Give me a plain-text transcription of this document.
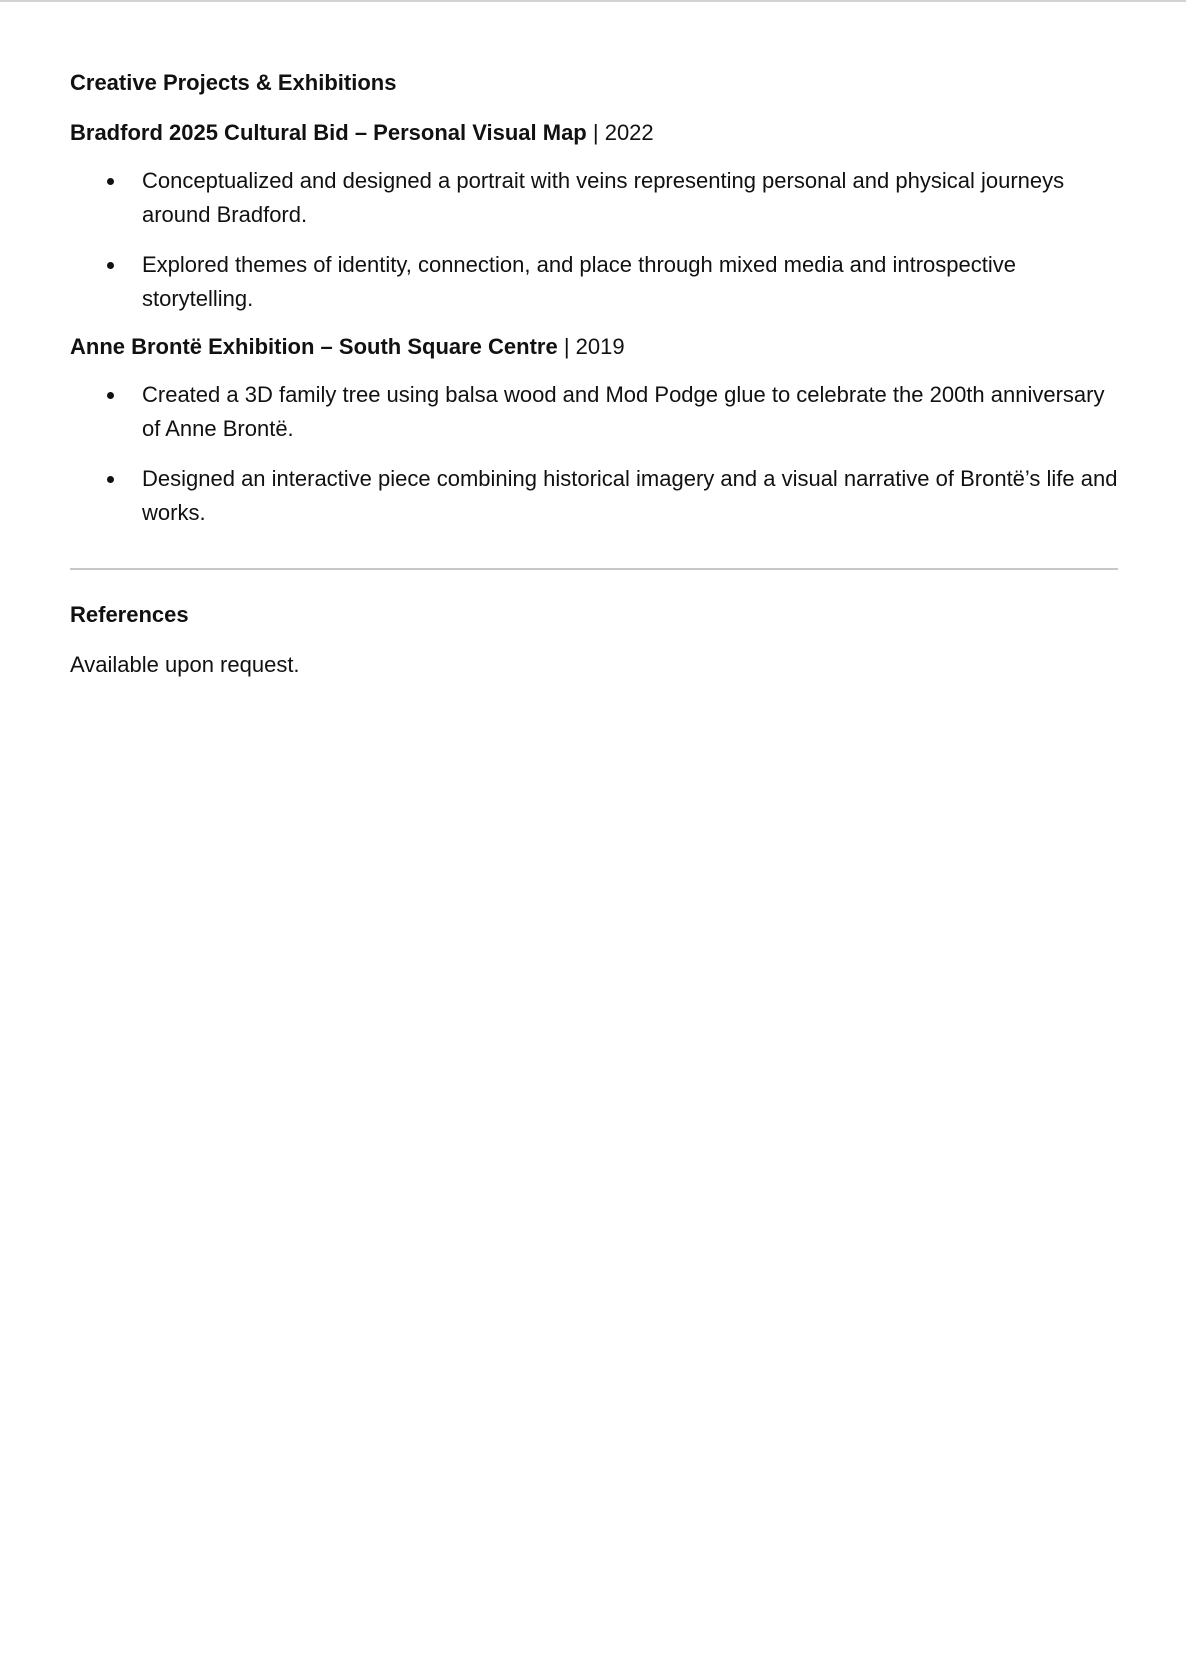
Creative Projects & Exhibitions
Bradford 2025 Cultural Bid – Personal Visual Map | 2022
Conceptualized and designed a portrait with veins representing personal and physical journeys around Bradford.
Explored themes of identity, connection, and place through mixed media and introspective storytelling.
Anne Brontë Exhibition – South Square Centre | 2019
Created a 3D family tree using balsa wood and Mod Podge glue to celebrate the 200th anniversary of Anne Brontë.
Designed an interactive piece combining historical imagery and a visual narrative of Brontë’s life and works.
References

Available upon request.
